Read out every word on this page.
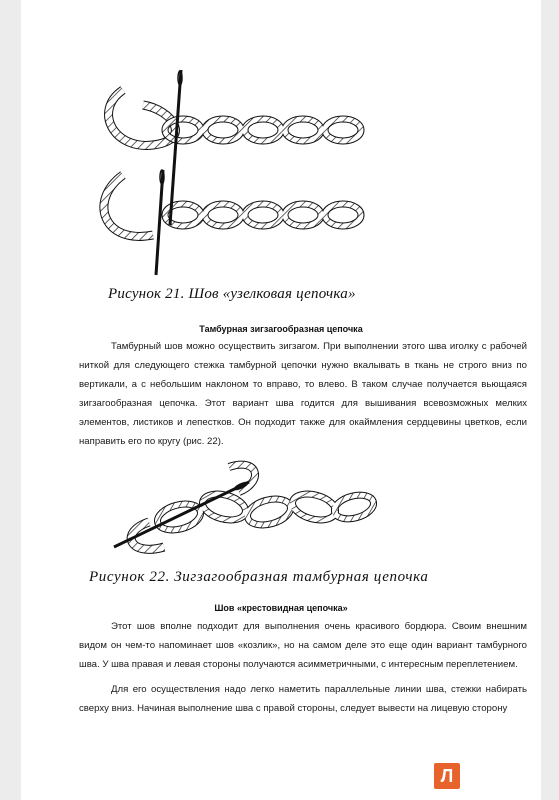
Рисунок 21. Шов «узелковая цепочка»
Тамбурная зигзагообразная цепочка

Тамбурный шов можно осуществить зигзагом. При выполнении этого шва иголку с рабочей ниткой для следующего стежка тамбурной цепочки нужно вкалывать в ткань не строго вниз по вертикали, а с небольшим наклоном то вправо, то влево. В таком случае получается вьющаяся зигзагообразная цепочка. Этот вариант шва годится для вышивания всевозможных мелких элементов, листиков и лепестков. Он подходит также для окаймления сердцевины цветков, если направить его по кругу (рис. 22).

Рисунок 22. Зигзагообразная тамбурная цепочка
Шов «крестовидная цепочка»

Этот шов вполне подходит для выполнения очень красивого бордюра. Своим внешним видом он чем-то напоминает шов «козлик», но на самом деле это еще один вариант тамбурного шва. У шва правая и левая стороны получаются асимметричными, с интересным переплетением.

Для его осуществления надо легко наметить параллельные линии шва, стежки набирать сверху вниз. Начиная выполнение шва с правой стороны, следует вывести на лицевую сторону

Л
